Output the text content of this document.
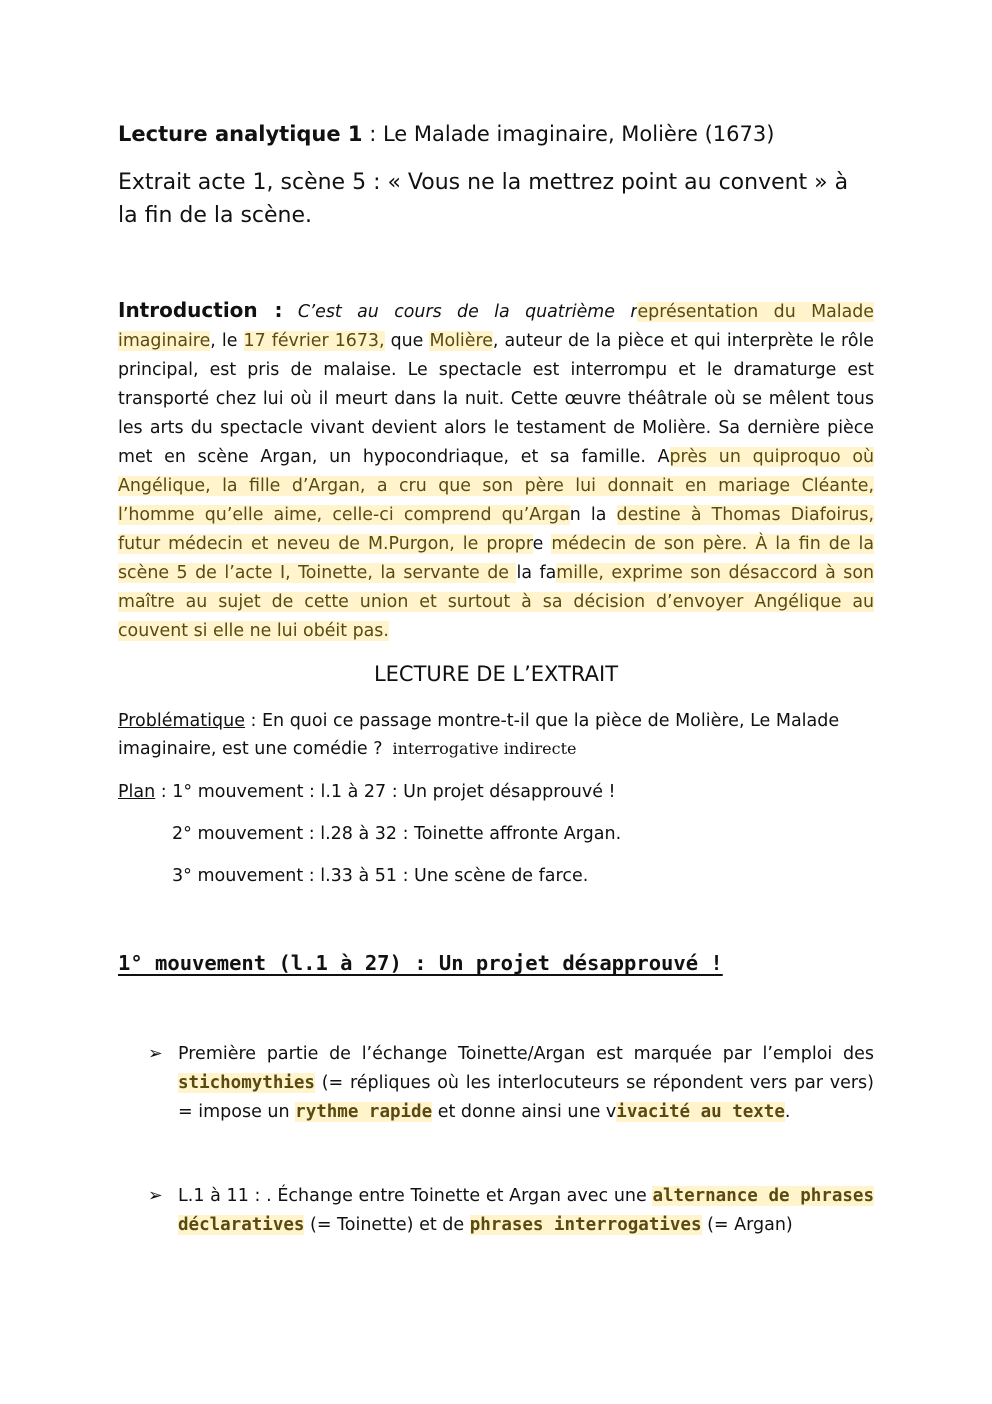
Lecture analytique 1 : Le Malade imaginaire, Molière (1673)
Extrait acte 1, scène 5 : « Vous ne la mettrez point au convent » à la fin de la scène.
Introduction : C’est au cours de la quatrième représentation du Malade imaginaire, le 17 février 1673, que Molière, auteur de la pièce et qui interprète le rôle principal, est pris de malaise. Le spectacle est interrompu et le dramaturge est transporté chez lui où il meurt dans la nuit. Cette œuvre théâtrale où se mêlent tous les arts du spectacle vivant devient alors le testament de Molière. Sa dernière pièce met en scène Argan, un hypocondriaque, et sa famille. Après un quiproquo où Angélique, la fille d’Argan, a cru que son père lui donnait en mariage Cléante, l’homme qu’elle aime, celle-ci comprend qu’Argan la destine à Thomas Diafoirus, futur médecin et neveu de M.Purgon, le propre médecin de son père. À la fin de la scène 5 de l’acte I, Toinette, la servante de la famille, exprime son désaccord à son maître au sujet de cette union et surtout à sa décision d’envoyer Angélique au couvent si elle ne lui obéit pas.
LECTURE DE L’EXTRAIT
Problématique : En quoi ce passage montre-t-il que la pièce de Molière, Le Malade imaginaire, est une comédie ? interrogative indirecte
Plan : 1° mouvement : l.1 à 27 : Un projet désapprouvé !
2° mouvement : l.28 à 32 : Toinette affronte Argan.
3° mouvement : l.33 à 51 : Une scène de farce.
1° mouvement (l.1 à 27) : Un projet désapprouvé !
➢ Première partie de l’échange Toinette/Argan est marquée par l’emploi des stichomythies (= répliques où les interlocuteurs se répondent vers par vers) = impose un rythme rapide et donne ainsi une vivacité au texte.
➢ L.1 à 11 : . Échange entre Toinette et Argan avec une alternance de phrases déclaratives (= Toinette) et de phrases interrogatives (= Argan)
